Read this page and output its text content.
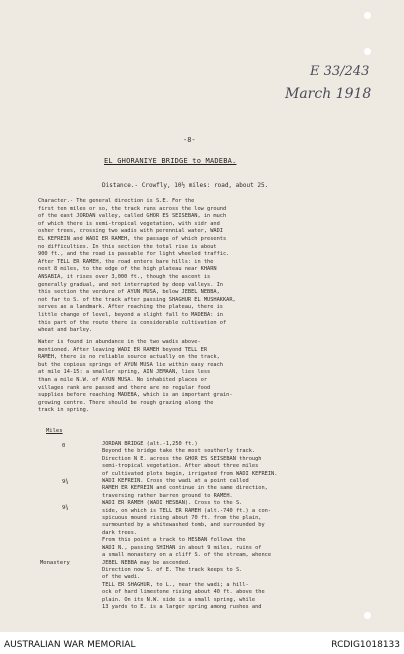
E 33/243
March 1918
-8-
EL GHORANIYE BRIDGE to MADEBA.
Distance.- Crowfly, 10½ miles: road, about 25.
Character.- The general direction is S.E. For the
first ten miles or so, the track runs across the low ground
of the east JORDAN valley, called GHOR ES SEISEBAN, in much
of which there is semi-tropical vegetation, with sidr and
osher trees, crossing two wadis with perennial water, WADI
EL KEFREIN and WADI ER RAMEH, the passage of which presents
no difficulties. In this section the total rise is about
900 ft., and the road is passable for light wheeled traffic.
After TELL ER RAMEH, the road enters bare hills: in the
next 8 miles, to the edge of the high plateau near KHARN
ANSABIA, it rises over 3,000 ft., though the ascent is
generally gradual, and not interrupted by deep valleys. In
this section the verdure of AYUN MUSA, below JEBEL NEBBA,
not far to S. of the track after passing SHAGHUR EL MUSHAKKAR,
serves as a landmark. After reaching the plateau, there is
little change of level, beyond a slight fall to MADEBA: in
this part of the route there is considerable cultivation of
wheat and barley.
Water is found in abundance in the two wadis above-
mentioned. After leaving WADI ER RAMEH beyond TELL ER
RAMEH, there is no reliable source actually on the track,
but the copious springs of AYUN MUSA lie within easy reach
at mile 14-15: a smaller spring, AIN JEMAAN, lies less
than a mile N.W. of AYUN MUSA. No inhabited places or
villages rank are passed and there are no regular food
supplies before reaching MADEBA, which is an important grain-
growing centre. There should be rough grazing along the
track in spring.
Miles
0
9¾
9¾
Monastery
JORDAN BRIDGE (alt.-1,250 ft.)
Beyond the bridge take the most southerly track.
Direction N E. across the GHOR ES SEISEBAN through
semi-tropical vegetation. After about three miles
of cultivated plots begin, irrigated from WADI KEFREIN.
WADI KEFREIN. Cross the wadi at a point called
RAMEH ER KEFREIN and continue in the same direction,
traversing rather barren ground to RAMEH.
WADI ER RAMEH (WADI HESBAN). Cross to the S.
side, on which is TELL ER RAMEH (alt.-740 ft.) a con-
spicuous mound rising about 70 ft. from the plain,
surmounted by a whitewashed tomb, and surrounded by
dark trees.
From this point a track to HESBAN follows the
WADI N., passing SHIHAN in about 9 miles, ruins of
a small monastery on a cliff S. of the stream, whence
JEBEL NEBBA may be ascended.
Direction now S. of E. The track keeps to S.
of the wadi.
TELL ER SHAGHUR, to L., near the wadi; a hill-
ock of hard limestone rising about 40 ft. above the
plain. On its N.W. side is a small spring, while
13 yards to E. is a larger spring among rushes and
AUSTRALIAN WAR MEMORIAL	RCDIG1018133
